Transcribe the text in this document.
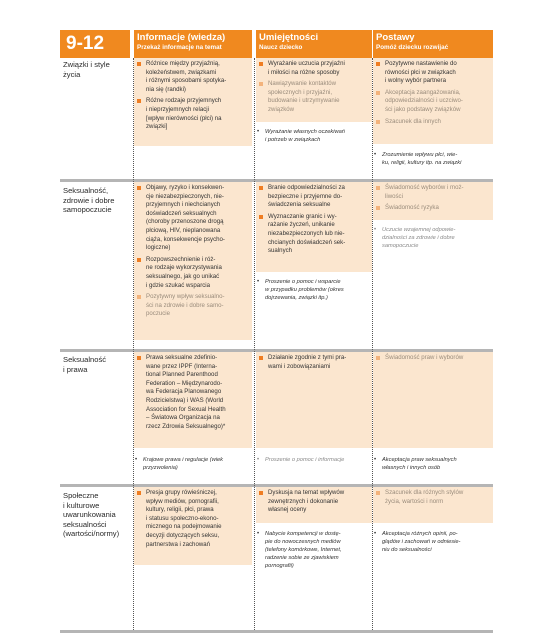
9-12	Informacje (wiedza)
Przekaż informacje na temat
Umiejętności
Naucz dziecko
Postawy
Pomóż dziecku rozwijać
Związki i style
życia
Różnice między przyjaźnią,
koleżeństwem, związkami
i różnymi sposobami spotyka-
nia się (randki)
Różne rodzaje przyjemnych
i nieprzyjemnych relacji
[wpływ nierówności (płci) na
związki]
Wyrażanie uczucia przyjaźni
i miłości na różne sposoby
Nawiązywanie kontaktów
społecznych i przyjaźni,
budowanie i utrzymywanie
związków
• Wyrażanie własnych oczekiwań
i potrzeb w związkach
Pozytywne nastawienie do
równości płci w związkach
i wolny wybór partnera
Akceptacja zaangażowania,
odpowiedzialności i uczciwo-
ści jako podstawy związków
Szacunek dla innych
• Zrozumienie wpływu płci, wie-
ku, religii, kultury itp. na związki
Seksualność,
zdrowie i dobre
samopoczucie
Objawy, ryzyko i konsekwen-
cje niezabezpieczonych, nie-
przyjemnych i niechcianych
doświadczeń seksualnych
(choroby przenoszone drogą
płciową, HIV, nieplanowana
ciąża, konsekwencje psycho-
logiczne)
Rozpowszechnienie i róż-
ne rodzaje wykorzystywania
seksualnego, jak go unikać
i gdzie szukać wsparcia
Pozytywny wpływ seksualno-
ści na zdrowie i dobre samo-
poczucie
Branie odpowiedzialności za
bezpieczne i przyjemne do-
świadczenia seksualne
Wyznaczanie granic i wy-
rażanie życzeń, unikanie
niezabezpieczonych lub nie-
chcianych doświadczeń sek-
sualnych
• Proszenie o pomoc i wsparcie
w przypadku problemów (okres
dojrzewania, związki itp.)
Świadomość wyborów i moż-
liwości
Świadomość ryzyka
• Uczucie wzajemnej odpowie-
dzialności za zdrowie i dobre
samopoczucie
Seksualność
i prawa
Prawa seksualne zdefinio-
wane przez IPPF (Interna-
tional Planned Parenthood
Federation – Międzynarodo-
wa Federacja Planowanego
Rodzicielstwa) i WAS (World
Association for Sexual Health
– Światowa Organizacja na
rzecz Zdrowia Seksualnego)*
• Krajowe prawa i regulacje (wiek
przyzwolenia)
Działanie zgodnie z tymi pra-
wami i zobowiązaniami
• Proszenie o pomoc i informacje
Świadomość praw i wyborów
• Akceptacja praw seksualnych
własnych i innych osób
Społeczne
i kulturowe
uwarunkowania
seksualności
(wartości/normy)
Presja grupy rówieśniczej,
wpływ mediów, pornografii,
kultury, religii, płci, prawa
i statusu społeczno-ekono-
micznego na podejmowanie
decyzji dotyczących seksu,
partnerstwa i zachowań
Dyskusja na temat wpływów
zewnętrznych i dokonanie
własnej oceny
• Nabycie kompetencji w dostę-
pie do nowoczesnych mediów
(telefony komórkowe, Internet,
radzenie sobie ze zjawiskiem
pornografii)
Szacunek dla różnych stylów
życia, wartości i norm
• Akceptacja różnych opinii, po-
glądów i zachowań w odniesie-
niu do seksualności
